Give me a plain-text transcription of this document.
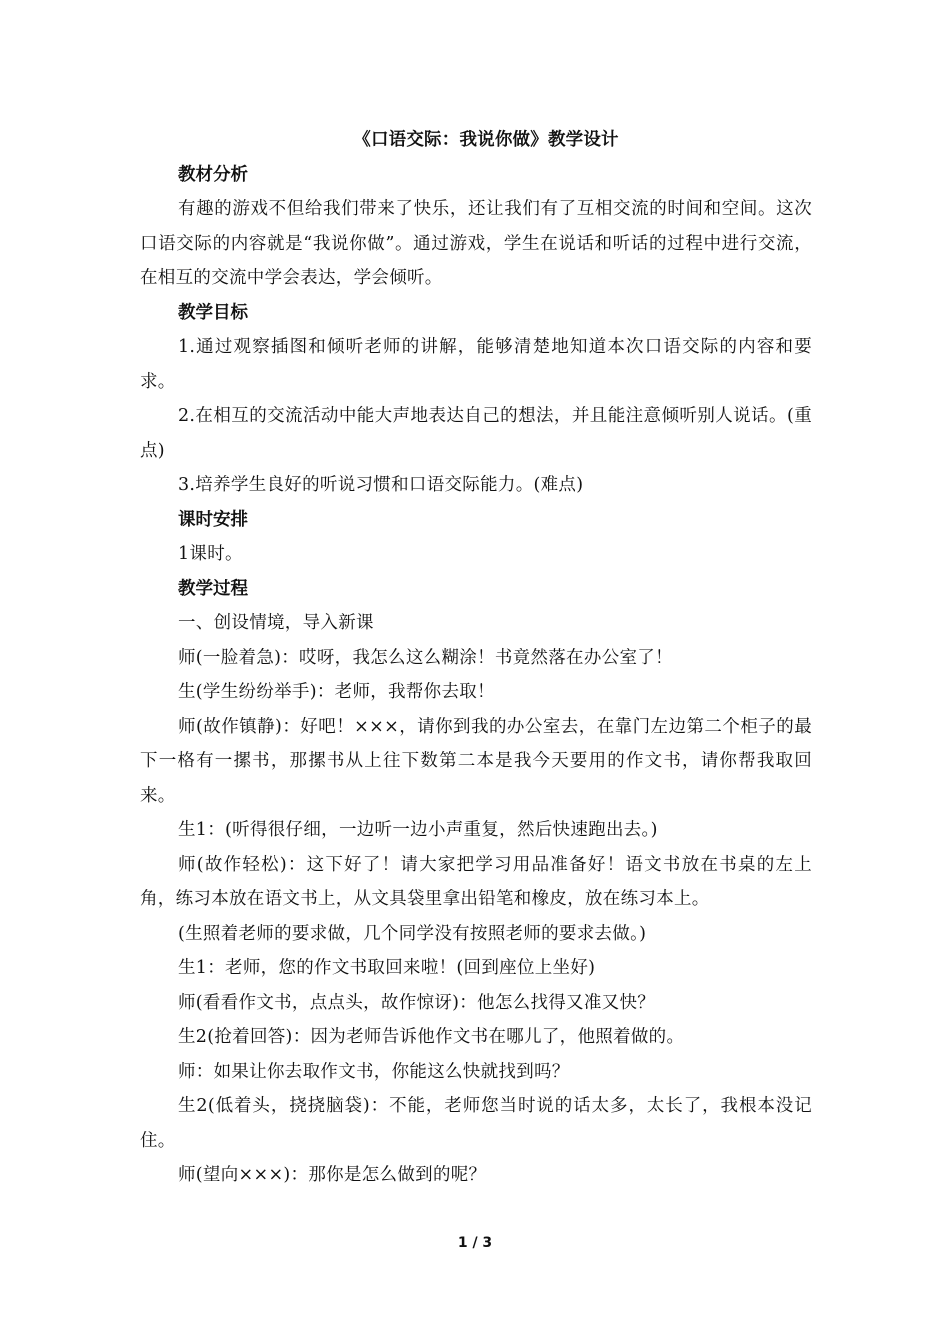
《口语交际：我说你做》教学设计

教材分析

有趣的游戏不但给我们带来了快乐，还让我们有了互相交流的时间和空间。这次口语交际的内容就是“我说你做”。通过游戏，学生在说话和听话的过程中进行交流，在相互的交流中学会表达，学会倾听。

教学目标

1.通过观察插图和倾听老师的讲解，能够清楚地知道本次口语交际的内容和要求。

2.在相互的交流活动中能大声地表达自己的想法，并且能注意倾听别人说话。(重点)

3.培养学生良好的听说习惯和口语交际能力。(难点)

课时安排

1课时。

教学过程

一、创设情境，导入新课

师(一脸着急)：哎呀，我怎么这么糊涂！书竟然落在办公室了！

生(学生纷纷举手)：老师，我帮你去取！

师(故作镇静)：好吧！×××，请你到我的办公室去，在靠门左边第二个柜子的最下一格有一摞书，那摞书从上往下数第二本是我今天要用的作文书，请你帮我取回来。

生1：(听得很仔细，一边听一边小声重复，然后快速跑出去。)

师(故作轻松)：这下好了！请大家把学习用品准备好！语文书放在书桌的左上角，练习本放在语文书上，从文具袋里拿出铅笔和橡皮，放在练习本上。

(生照着老师的要求做，几个同学没有按照老师的要求去做。)

生1：老师，您的作文书取回来啦！(回到座位上坐好)

师(看看作文书，点点头，故作惊讶)：他怎么找得又准又快？

生2(抢着回答)：因为老师告诉他作文书在哪儿了，他照着做的。

师：如果让你去取作文书，你能这么快就找到吗？

生2(低着头，挠挠脑袋)：不能，老师您当时说的话太多，太长了，我根本没记住。

师(望向×××)：那你是怎么做到的呢？

1 / 3
